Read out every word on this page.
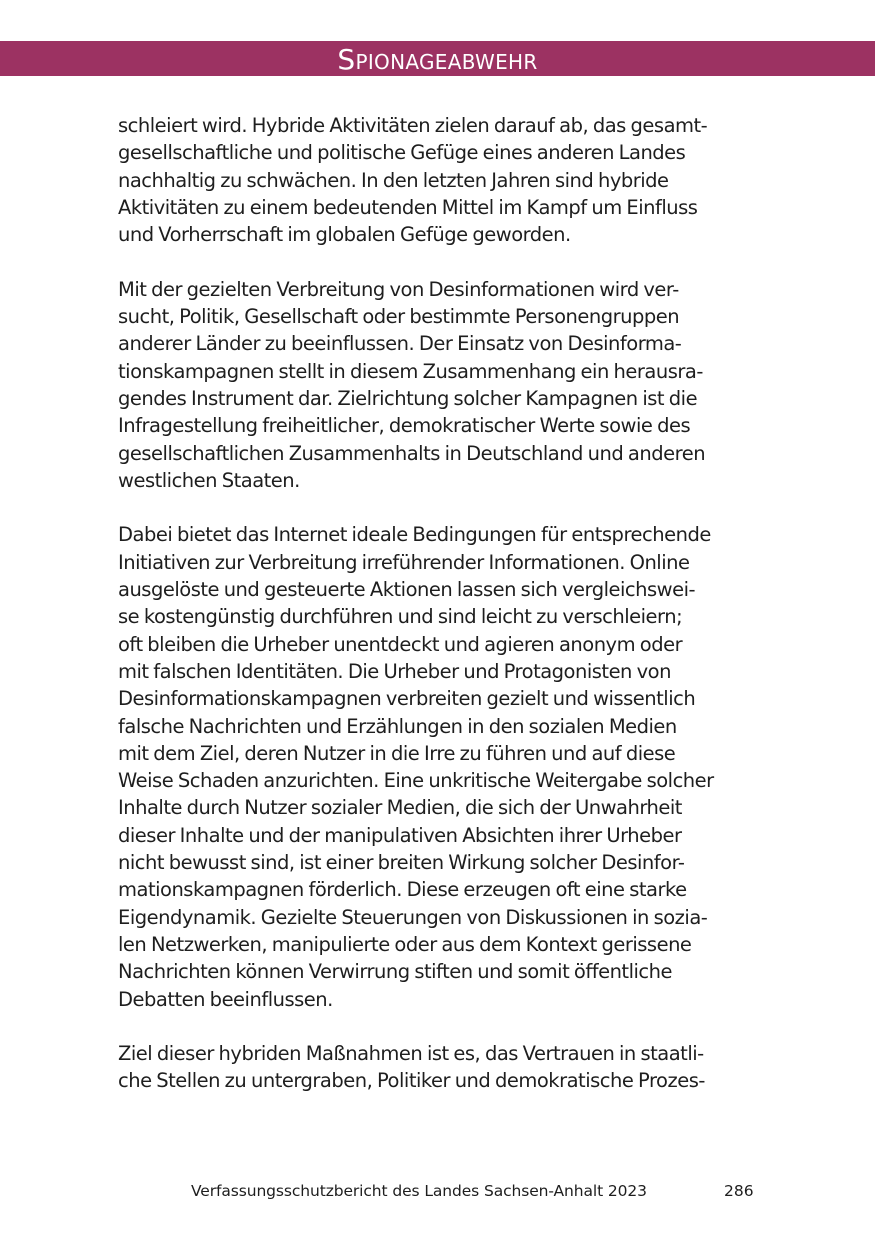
Spionageabwehr

schleiert wird. Hybride Aktivitäten zielen darauf ab, das gesamt-
gesellschaftliche und politische Gefüge eines anderen Landes
nachhaltig zu schwächen. In den letzten Jahren sind hybride
Aktivitäten zu einem bedeutenden Mittel im Kampf um Einfluss
und Vorherrschaft im globalen Gefüge geworden.

Mit der gezielten Verbreitung von Desinformationen wird ver-
sucht, Politik, Gesellschaft oder bestimmte Personengruppen
anderer Länder zu beeinflussen. Der Einsatz von Desinforma-
tionskampagnen stellt in diesem Zusammenhang ein herausra-
gendes Instrument dar. Zielrichtung solcher Kampagnen ist die
Infragestellung freiheitlicher, demokratischer Werte sowie des
gesellschaftlichen Zusammenhalts in Deutschland und anderen
westlichen Staaten.

Dabei bietet das Internet ideale Bedingungen für entsprechende
Initiativen zur Verbreitung irreführender Informationen. Online
ausgelöste und gesteuerte Aktionen lassen sich vergleichswei-
se kostengünstig durchführen und sind leicht zu verschleiern;
oft bleiben die Urheber unentdeckt und agieren anonym oder
mit falschen Identitäten. Die Urheber und Protagonisten von
Desinformationskampagnen verbreiten gezielt und wissentlich
falsche Nachrichten und Erzählungen in den sozialen Medien
mit dem Ziel, deren Nutzer in die Irre zu führen und auf diese
Weise Schaden anzurichten. Eine unkritische Weitergabe solcher
Inhalte durch Nutzer sozialer Medien, die sich der Unwahrheit
dieser Inhalte und der manipulativen Absichten ihrer Urheber
nicht bewusst sind, ist einer breiten Wirkung solcher Desinfor-
mationskampagnen förderlich. Diese erzeugen oft eine starke
Eigendynamik. Gezielte Steuerungen von Diskussionen in sozia-
len Netzwerken, manipulierte oder aus dem Kontext gerissene
Nachrichten können Verwirrung stiften und somit öffentliche
Debatten beeinflussen.

Ziel dieser hybriden Maßnahmen ist es, das Vertrauen in staatli-
che Stellen zu untergraben, Politiker und demokratische Prozes-

Verfassungsschutzbericht des Landes Sachsen-Anhalt 2023	286
